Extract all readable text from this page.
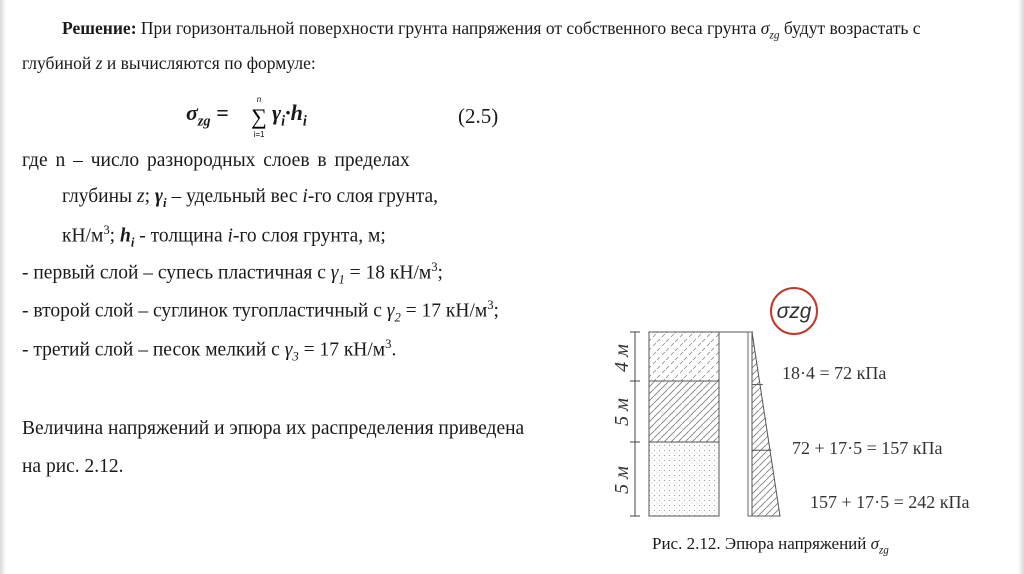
Решение: При горизонтальной поверхности грунта напряжения от собственного веса грунта $\sigma_{zg}$ будут возрастать с
глубиной z и вычисляются по формуле:
$\sigma_{zg}$ =
n
∑
i=1
$\gamma_i\cdot h_i$	(2.5)
где n – число разнородных слоев в пределах
глубины z; $\gamma_i$ – удельный вес i-го слоя грунта,
$кН/м^3$; $h_i$ - толщина i-го слоя грунта, м;
- первый слой – супесь пластичная с $\gamma_1 = 18$ $кН/м^3$;
- второй слой – суглинок тугопластичный с $\gamma_2 = 17$ $кН/м^3$;
- третий слой – песок мелкий с $\gamma_3 = 17$ $кН/м^3$.
Величина напряжений и эпюра их распределения приведена
на рис. 2.12.
4 м
5 м
5 м
σzg
18·4 = 72 кПа
72 + 17·5 = 157 кПа
157 + 17·5 = 242 кПа
Рис. 2.12. Эпюра напряжений $\sigma_{zg}$
